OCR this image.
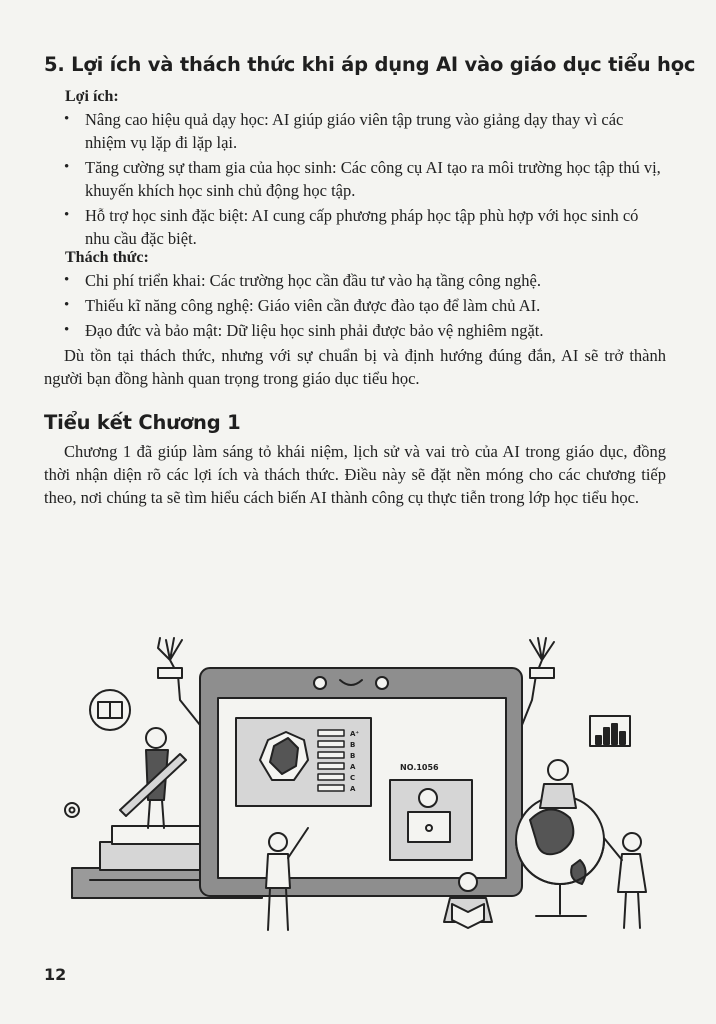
5. Lợi ích và thách thức khi áp dụng AI vào giáo dục tiểu học

Lợi ích:

• Nâng cao hiệu quả dạy học: AI giúp giáo viên tập trung vào giảng dạy thay vì các nhiệm vụ lặp đi lặp lại.
• Tăng cường sự tham gia của học sinh: Các công cụ AI tạo ra môi trường học tập thú vị, khuyến khích học sinh chủ động học tập.
• Hỗ trợ học sinh đặc biệt: AI cung cấp phương pháp học tập phù hợp với học sinh có nhu cầu đặc biệt.

Thách thức:

• Chi phí triển khai: Các trường học cần đầu tư vào hạ tầng công nghệ.
• Thiếu kĩ năng công nghệ: Giáo viên cần được đào tạo để làm chủ AI.
• Đạo đức và bảo mật: Dữ liệu học sinh phải được bảo vệ nghiêm ngặt.

Dù tồn tại thách thức, nhưng với sự chuẩn bị và định hướng đúng đắn, AI sẽ trở thành người bạn đồng hành quan trọng trong giáo dục tiểu học.

Tiểu kết Chương 1

Chương 1 đã giúp làm sáng tỏ khái niệm, lịch sử và vai trò của AI trong giáo dục, đồng thời nhận diện rõ các lợi ích và thách thức. Điều này sẽ đặt nền móng cho các chương tiếp theo, nơi chúng ta sẽ tìm hiểu cách biến AI thành công cụ thực tiễn trong lớp học tiểu học.

A⁺
B
B
A
C
A
NO.1056
12
